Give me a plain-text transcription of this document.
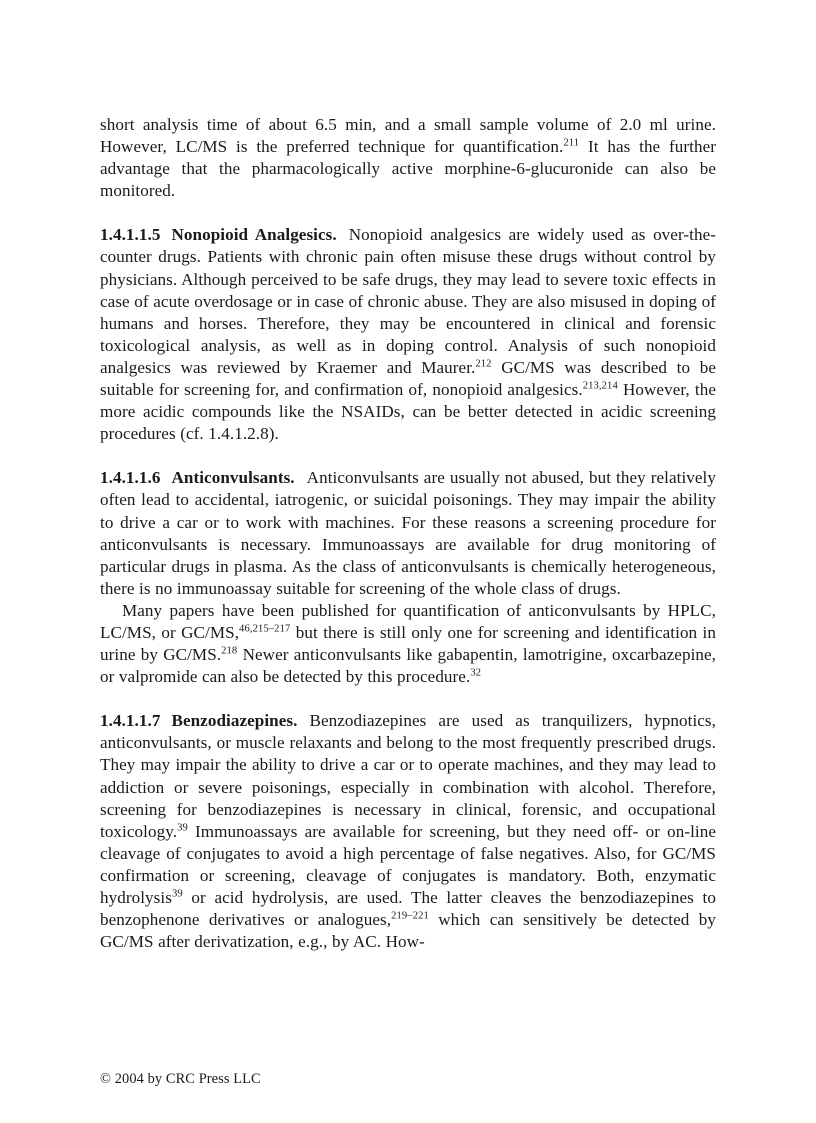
short analysis time of about 6.5 min, and a small sample volume of 2.0 ml urine. However, LC/MS is the preferred technique for quantification.$^{211}$ It has the further advantage that the pharmacologically active morphine-6-glucuronide can also be monitored.

1.4.1.1.5 Nonopioid Analgesics. Nonopioid analgesics are widely used as over-the-counter drugs. Patients with chronic pain often misuse these drugs without control by physicians. Although perceived to be safe drugs, they may lead to severe toxic effects in case of acute overdosage or in case of chronic abuse. They are also misused in doping of humans and horses. Therefore, they may be encountered in clinical and forensic toxicological analysis, as well as in doping control. Analysis of such nonopioid analgesics was reviewed by Kraemer and Maurer.$^{212}$ GC/MS was described to be suitable for screening for, and confirmation of, nonopioid analgesics.$^{213,214}$ However, the more acidic compounds like the NSAIDs, can be better detected in acidic screening procedures (cf. 1.4.1.2.8).

1.4.1.1.6 Anticonvulsants. Anticonvulsants are usually not abused, but they relatively often lead to accidental, iatrogenic, or suicidal poisonings. They may impair the ability to drive a car or to work with machines. For these reasons a screening procedure for anticonvulsants is necessary. Immunoassays are available for drug monitoring of particular drugs in plasma. As the class of anticonvulsants is chemically heterogeneous, there is no immunoassay suitable for screening of the whole class of drugs.

Many papers have been published for quantification of anticonvulsants by HPLC, LC/MS, or GC/MS,$^{46,215-217}$ but there is still only one for screening and identification in urine by GC/MS.$^{218}$ Newer anticonvulsants like gabapentin, lamotrigine, oxcarbazepine, or valpromide can also be detected by this procedure.$^{32}$

1.4.1.1.7 Benzodiazepines. Benzodiazepines are used as tranquilizers, hypnotics, anticonvulsants, or muscle relaxants and belong to the most frequently prescribed drugs. They may impair the ability to drive a car or to operate machines, and they may lead to addiction or severe poisonings, especially in combination with alcohol. Therefore, screening for benzodiazepines is necessary in clinical, forensic, and occupational toxicology.$^{39}$ Immunoassays are available for screening, but they need off- or on-line cleavage of conjugates to avoid a high percentage of false negatives. Also, for GC/MS confirmation or screening, cleavage of conjugates is mandatory. Both, enzymatic hydrolysis$^{39}$ or acid hydrolysis, are used. The latter cleaves the benzodiazepines to benzophenone derivatives or analogues,$^{219-221}$ which can sensitively be detected by GC/MS after derivatization, e.g., by AC. How-

© 2004 by CRC Press LLC
